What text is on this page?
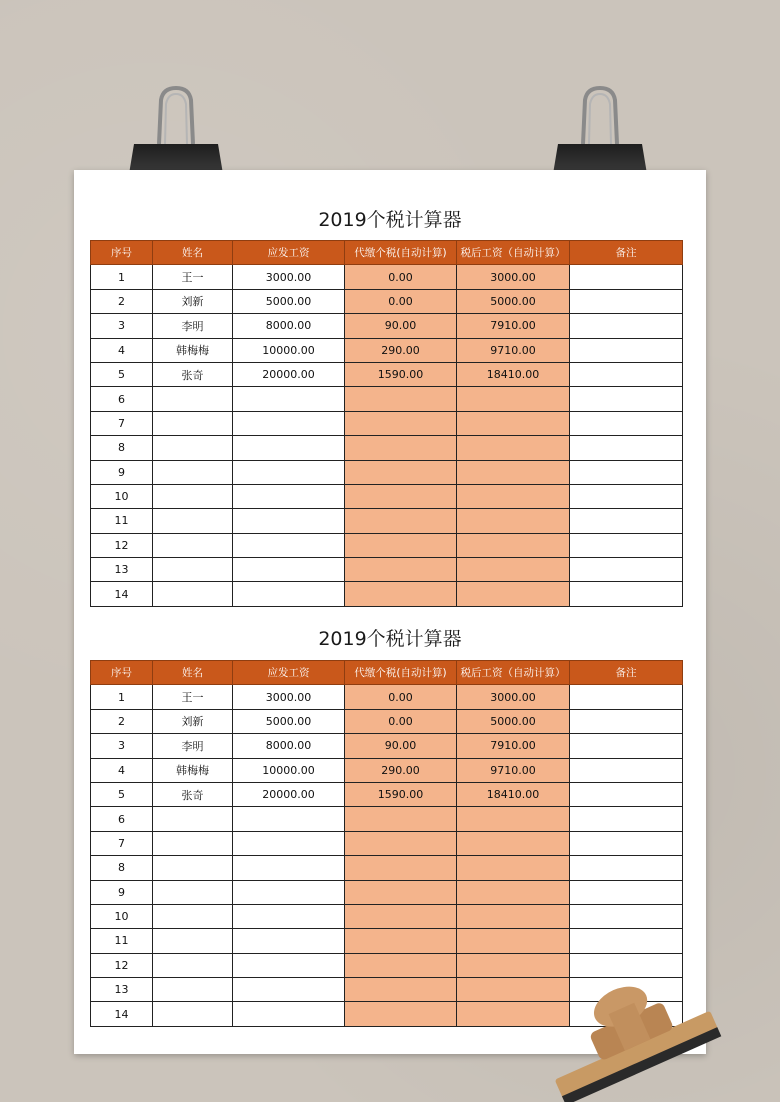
2019个税计算器
序号	姓名	应发工资	代缴个税(自动计算)	税后工资（自动计算）	备注
1	王一	3000.00	0.00	3000.00	
2	刘新	5000.00	0.00	5000.00	
3	李明	8000.00	90.00	7910.00	
4	韩梅梅	10000.00	290.00	9710.00	
5	张奇	20000.00	1590.00	18410.00	
6					
7					
8					
9					
10					
11					
12					
13					
14					
2019个税计算器
序号	姓名	应发工资	代缴个税(自动计算)	税后工资（自动计算）	备注
1	王一	3000.00	0.00	3000.00	
2	刘新	5000.00	0.00	5000.00	
3	李明	8000.00	90.00	7910.00	
4	韩梅梅	10000.00	290.00	9710.00	
5	张奇	20000.00	1590.00	18410.00	
6					
7					
8					
9					
10					
11					
12					
13					
14					
